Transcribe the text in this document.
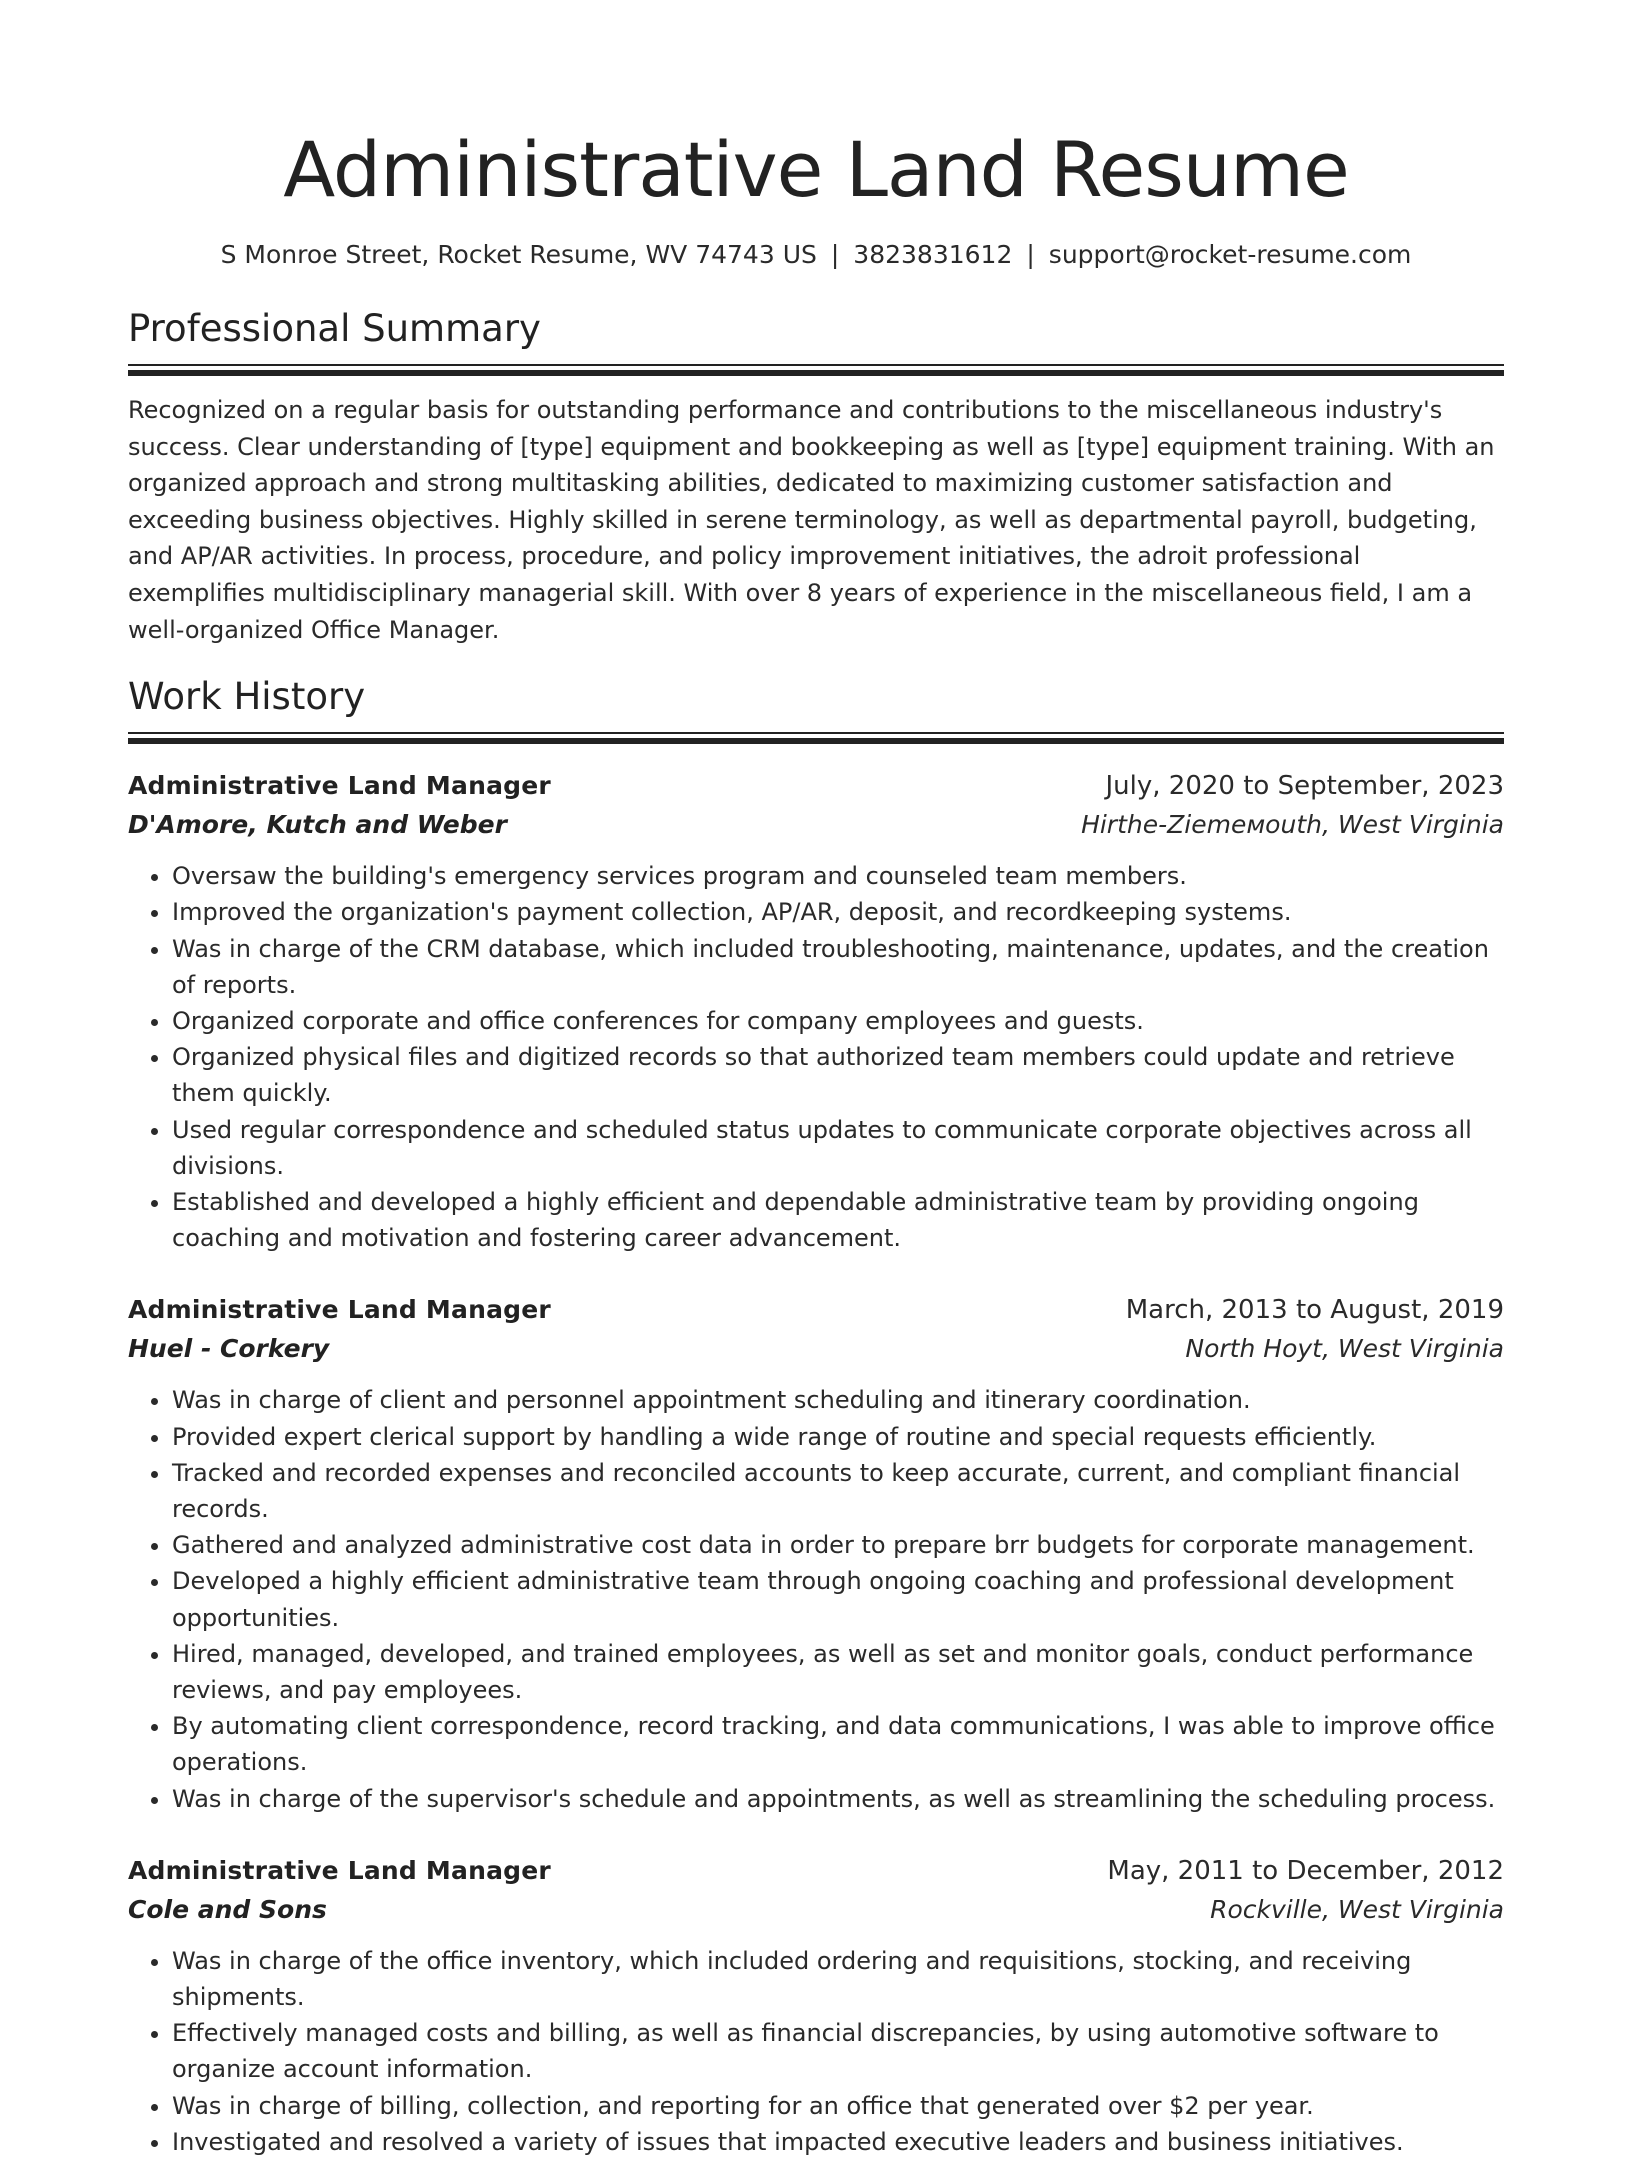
Administrative Land Resume
S Monroe Street, Rocket Resume, WV 74743 US | 3823831612 | support@rocket-resume.com
Professional Summary

Recognized on a regular basis for outstanding performance and contributions to the miscellaneous industry's success. Clear understanding of [type] equipment and bookkeeping as well as [type] equipment training. With an organized approach and strong multitasking abilities, dedicated to maximizing customer satisfaction and exceeding business objectives. Highly skilled in serene terminology, as well as departmental payroll, budgeting, and AP/AR activities. In process, procedure, and policy improvement initiatives, the adroit professional exemplifies multidisciplinary managerial skill. With over 8 years of experience in the miscellaneous field, I am a well-organized Office Manager.

Work History
Administrative Land Manager	July, 2020 to September, 2023
D'Amore, Kutch and Weber	Hirthe-Ziemeмouth, West Virginia
• Oversaw the building's emergency services program and counseled team members.
• Improved the organization's payment collection, AP/AR, deposit, and recordkeeping systems.
• Was in charge of the CRM database, which included troubleshooting, maintenance, updates, and the creation of reports.
• Organized corporate and office conferences for company employees and guests.
• Organized physical files and digitized records so that authorized team members could update and retrieve them quickly.
• Used regular correspondence and scheduled status updates to communicate corporate objectives across all divisions.
• Established and developed a highly efficient and dependable administrative team by providing ongoing coaching and motivation and fostering career advancement.
Administrative Land Manager	March, 2013 to August, 2019
Huel - Corkery	North Hoyt, West Virginia
• Was in charge of client and personnel appointment scheduling and itinerary coordination.
• Provided expert clerical support by handling a wide range of routine and special requests efficiently.
• Tracked and recorded expenses and reconciled accounts to keep accurate, current, and compliant financial records.
• Gathered and analyzed administrative cost data in order to prepare brr budgets for corporate management.
• Developed a highly efficient administrative team through ongoing coaching and professional development opportunities.
• Hired, managed, developed, and trained employees, as well as set and monitor goals, conduct performance reviews, and pay employees.
• By automating client correspondence, record tracking, and data communications, I was able to improve office operations.
• Was in charge of the supervisor's schedule and appointments, as well as streamlining the scheduling process.
Administrative Land Manager	May, 2011 to December, 2012
Cole and Sons	Rockville, West Virginia
• Was in charge of the office inventory, which included ordering and requisitions, stocking, and receiving shipments.
• Effectively managed costs and billing, as well as financial discrepancies, by using automotive software to organize account information.
• Was in charge of billing, collection, and reporting for an office that generated over $2 per year.
• Investigated and resolved a variety of issues that impacted executive leaders and business initiatives.
